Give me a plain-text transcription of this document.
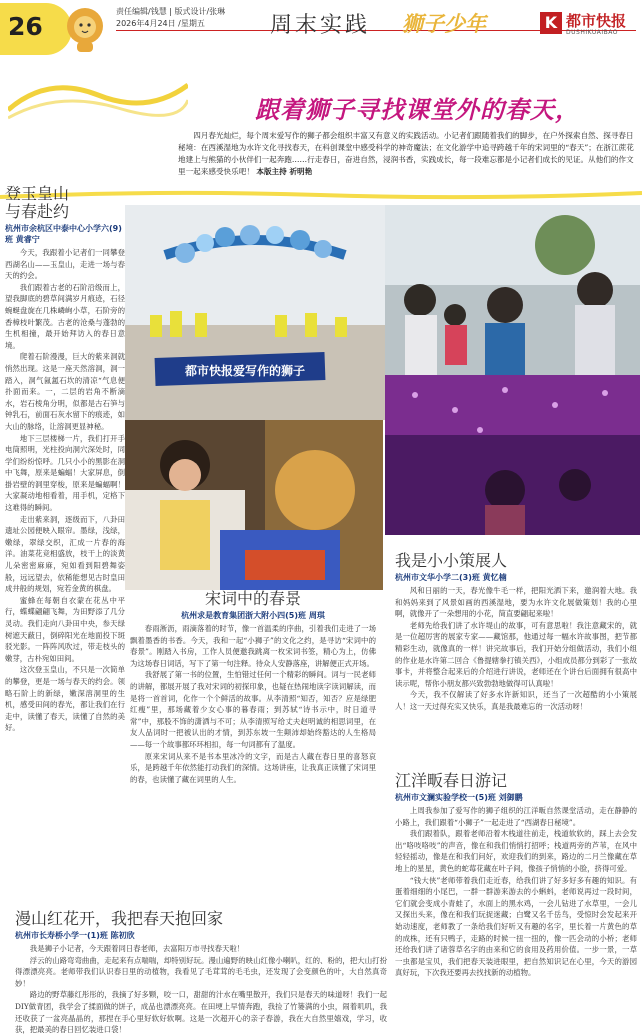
26
责任编辑/钱慧 | 版式设计/张琳
2026年4月24日 /星期五	周末实践 狮子少年	K 都市快报
DUSHIKUAIBAO
跟着狮子寻找课堂外的春天，
四月春光灿烂，每个周末爱写作的狮子都会组织丰富又有意义的实践活动。小记者们跟随着我们的脚步，在户外探索自然、探寻春日秘境：在西溪湿地为水许文化寻找春天，在科创课堂中感受科学的神奇魔法；在文化游学中追寻跨越千年的宋词里的“春天”；在浙江蔗花地建上与熊猫的小伙伴们一起奔跑……行走春日，奋进自然，浸润书香，实践成长，每一段难忘都是小记者们成长的见证。从他们的作文里一起来感受快乐吧！ 本版主持 祈明艳
登玉皇山
与春赴约
杭州市余杭区中泰中心小学六(9)班 黄睿宁
今天，我跟着小记者们一同攀登西湖名山——玉皇山，走进一场与春天的约会。
我们跟着古老的石阶沿级而上，望我脚底的碧草间满岁月痕迹，石径蜿蜒盘旋在几株嶙峋小草，石阶旁的香樟枝叶繁茂。古老的沧桑与蓬勃的生机相撞，最开始拜访入的春日意境。
爬着石阶漫漫，巨大的紫来洞就悄然出现。这是一座天然溶洞，洞一踏入，洞气氤氲石坎的清凉“气息便扑面而来。一，二层的岩角不断滴水，岩石棱角分明，似都是古石笋与钟乳石，前面石灰水留下的痕迹，如大山的脉络，让溶洞更显神秘。
地下三层楼梯一片，我们打开手电筒照明，光柱投向洞穴深处时，同学们纷纷惊呼。几只小小的黑影在洞中飞舞，原来是蝙蝠！大家屏息，倒掛岩壁的洞里穿梭，原来是蝙蝠啊！大家凝动地相看着，用手机，定格下这难得的瞬间。
走出紫来洞，逐级而下，八卦田遗址公园便映入眼帘。墨绿，浅绿，嫩绿，翠绿交织，汇成一片春的海洋。油菜花竞相盛放，枝干上的淡黄儿朵密密麻麻，宛如看到阳碧舞姿般，远远望去，依稀能想见古时皇田成井般的规划，宛若金黄的棋盘。
蜜蜂在每朝自衣蒙在花丛中平行，蝶蝶翩翩飞舞，为田野添了几分灵动。我们走向八卦田中央，参天绿树遮天蔽日，倒碎阳光在地面投下斑驳光影。一阵阵风吹过，带走枝头的嫩芽，古朴宛如田间。
这次登玉皇山，不只是一次简单的攀登，更是一场与春天的约会。领略石阶上的新绿，嫩深溶洞里的生机，感受田间的春光，都让我们在行走中，读懂了春天，读懂了自然的美好。
都市快报爱写作的狮子
宋词中的春景
杭州求是教育集团浙大附小四(5)班 周琪
春雨淅沥，雨滴落着的时节，像一首温柔的序曲，引着我们走进了一场飘着墨香的书香。今天，我和一起“小狮子”的文化之约，是寻访“宋词中的春景”。刚踏入书房，工作人员便邀我跳离一枚宋词书签，精心为上，仿佛为这场春日词话，写下了第一句注释。待众人安静落座，讲解便正式开场。
我舒展了第一书的位置，生怕错过任何一个精彩的瞬间。词与一民老师的讲解，都展开展了我对宋词的初探印象，也疑在热闹地读字读词解读，而是将一首首词，化作一个个鲜活的故事。从李清照“知否，知否？应是绿肥红瘦”里，那场藏着少女心事的暮春雨；到苏轼“诗书示中，时日道寻常”中，那股不饰的潇洒与不可；从李清照写给丈夫赵明诚的相思词里，在友人品词时一把被认出的才情，到苏东坡一生颠沛却始终豁达的人生格局——每一个故事都环环相扣，每一句词都有了温度。
原来宋词从来不是书本里冰冷的文字，而是古人藏在春日里的喜怒哀乐，是跨越千年依然能打动我们的深情。这场讲座，让我真正读懂了宋词里的春，也读懂了藏在词里的人生。
我是小小策展人
杭州市文华小学二(3)班 黄忆楠
风和日丽的一天，春光像牛毛一样，把阳光洒下来，邀润着大地。我和妈妈来到了风景如画的西溪湿地，要为水许文化展做策划！我的心里啊，就像开了一朵想用的小花，简直要翩起来啦！
老师先给我们讲了水许堤山的故事，可有意思啦！我注意藏宋的，就是一位超厉害的展家专家——藏馆那，他通过每一幅水许故事图，把节都精彩生动，就像真的一样！讲完故事后，我们开始分组做活动，我们小组的作业是水许第二回合《鲁提辖拳打镇关西》，小组成员都分到彩了一张故事卡，并将整合起来后的介绍进行讲说，老师还在个讲台后面拥有很高中读示呢，帮你小朋友都兴致勃勃地做得可认真啦！
今天，我不仅解读了好多水许新知识，还当了一次超酷的小小策展人！这一天过得充实又快乐，真是我最难忘的一次活动呀！
江洋畈春日游记
杭州市文澜实验学校一(5)班 刘御鹏
上周我参加了爱写作的狮子组织的江洋畈自然课堂活动，走在静静的小路上，我们跟着“小狮子”一起走进了“西湖春日秘境”。
我们跟着队，跟着老师沿着木栈道往前走，栈道软软的，踩上去会发出“咯吱咯吱”的声音，像在和我们悄悄打招呼；栈道两旁的芦苇，在风中轻轻摇动，像是在和我们问好，欢迎我们的到来，路边的二月兰像藏在草地上的星星，黄色的蛇莓花藏在叶子间，像孩子悄悄的小脸，挤得可爱。
“钱大侠”老师带着我们走近春，给我们讲了好多好多有趣的知识。有蛋着细细的小尾巴，一群一群游来游去的小蝌蚪，老师说再过一段时间，它们就会变成小青蛙了，水面上的黑水鸡，一会儿钻进了水草里，一会儿又探出头来，像在和我们玩捉迷藏；白鹭又名千岳鸟，受惊时会发起来开始动速度，老师教了一条给我们好听又有趣的名字，里长着一片黄色的草的成株，还有只鸭子，走路的时候一扭一扭的，像一匹会动的小桥；老师还给我们讲了诸蓉草名字的由来和它的食用及药用价值。一步一景，一草一虫都是宝贝，我们把春天装进眼里，把自然知识记在心里，今天的游园真好玩，下次我还要再去找找新的动植物。
漫山红花开，我把春天抱回家
杭州市长寿桥小学一(1)班 陈初欣
我是狮子小记者，今天跟着同日春老师，去富阳万市寻找春天啦！
浮云的山路弯弯曲曲，走起来有点喘喘，却特别好玩。漫山遍野的映山红像小喇叭，红的、粉的，把大山打扮得漂漂亮亮。老师带我们认识春日里的动植物，我看见了毛茸茸的毛毛虫，还发现了会变颜色的叶，大自然真奇妙！
路边的野草藤红彤彤的，我摘了好多颗，咬一口，甜甜的汁水在嘴里散开，我们只是春天的味道呀！我们一起DIY做青团，我学会了揉面做的饼子，成品也漂漂亮亮。在田埂上早情奔跑，我捡了竹篓满的小虫，闹着叽叽，我还收获了一盆亮晶晶的，那捏在手心里好软好软啊。这是一次超开心的亲子春游，我在大自然里嬉戏，学习，收获，把最美的春日回忆装进口袋！
